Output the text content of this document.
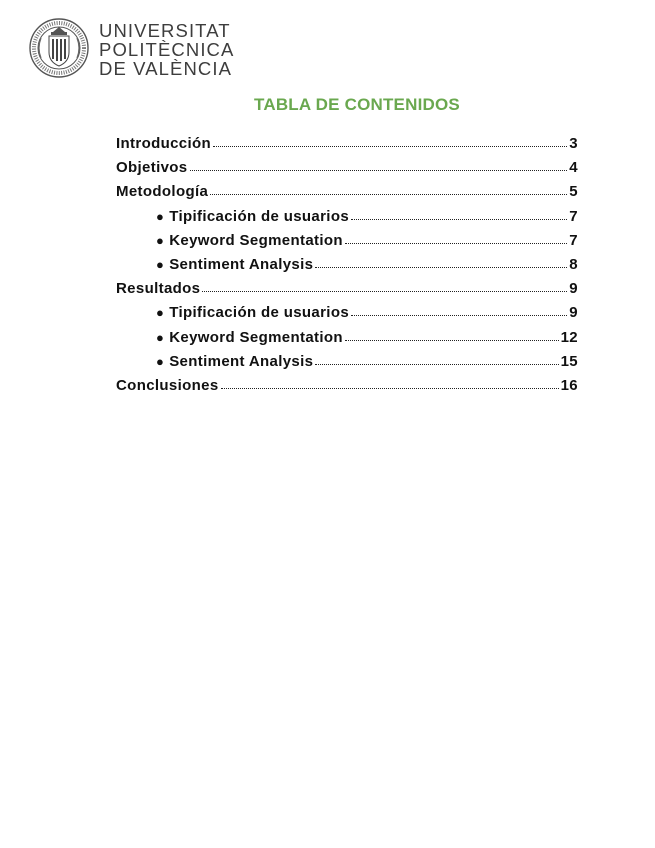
UNIVERSITAT
POLITÈCNICA
DE VALÈNCIA
TABLA DE CONTENIDOS
Introducción	3
Objetivos	4
Metodología	5
● Tipificación de usuarios	7
● Keyword Segmentation	7
● Sentiment Analysis	8
Resultados	9
● Tipificación de usuarios	9
● Keyword Segmentation	12
● Sentiment Analysis	15
Conclusiones	16
